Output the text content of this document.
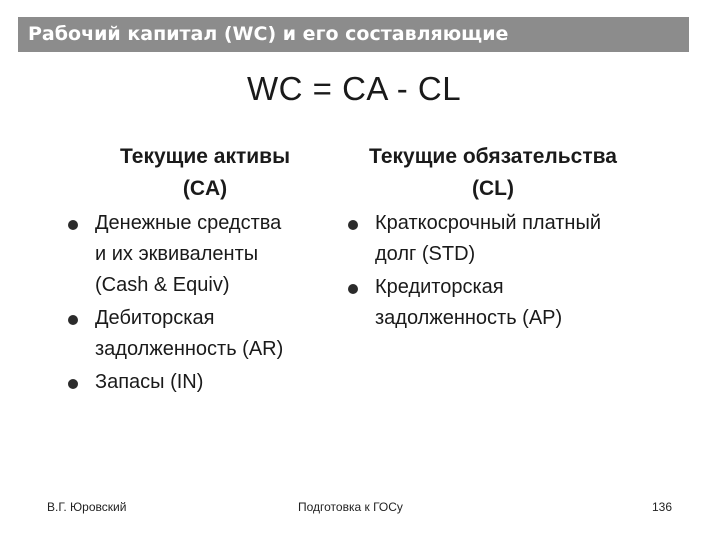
Рабочий капитал (WC) и его составляющие
WC = CA - CL
Текущие активы
(CA)
Текущие обязательства
(CL)
Денежные средства
и их эквиваленты
(Cash & Equiv)
Дебиторская
задолженность (AR)
Запасы (IN)
Краткосрочный платный
долг (STD)
Кредиторская
задолженность (AP)
В.Г. Юровский	Подготовка к ГОСу	136
